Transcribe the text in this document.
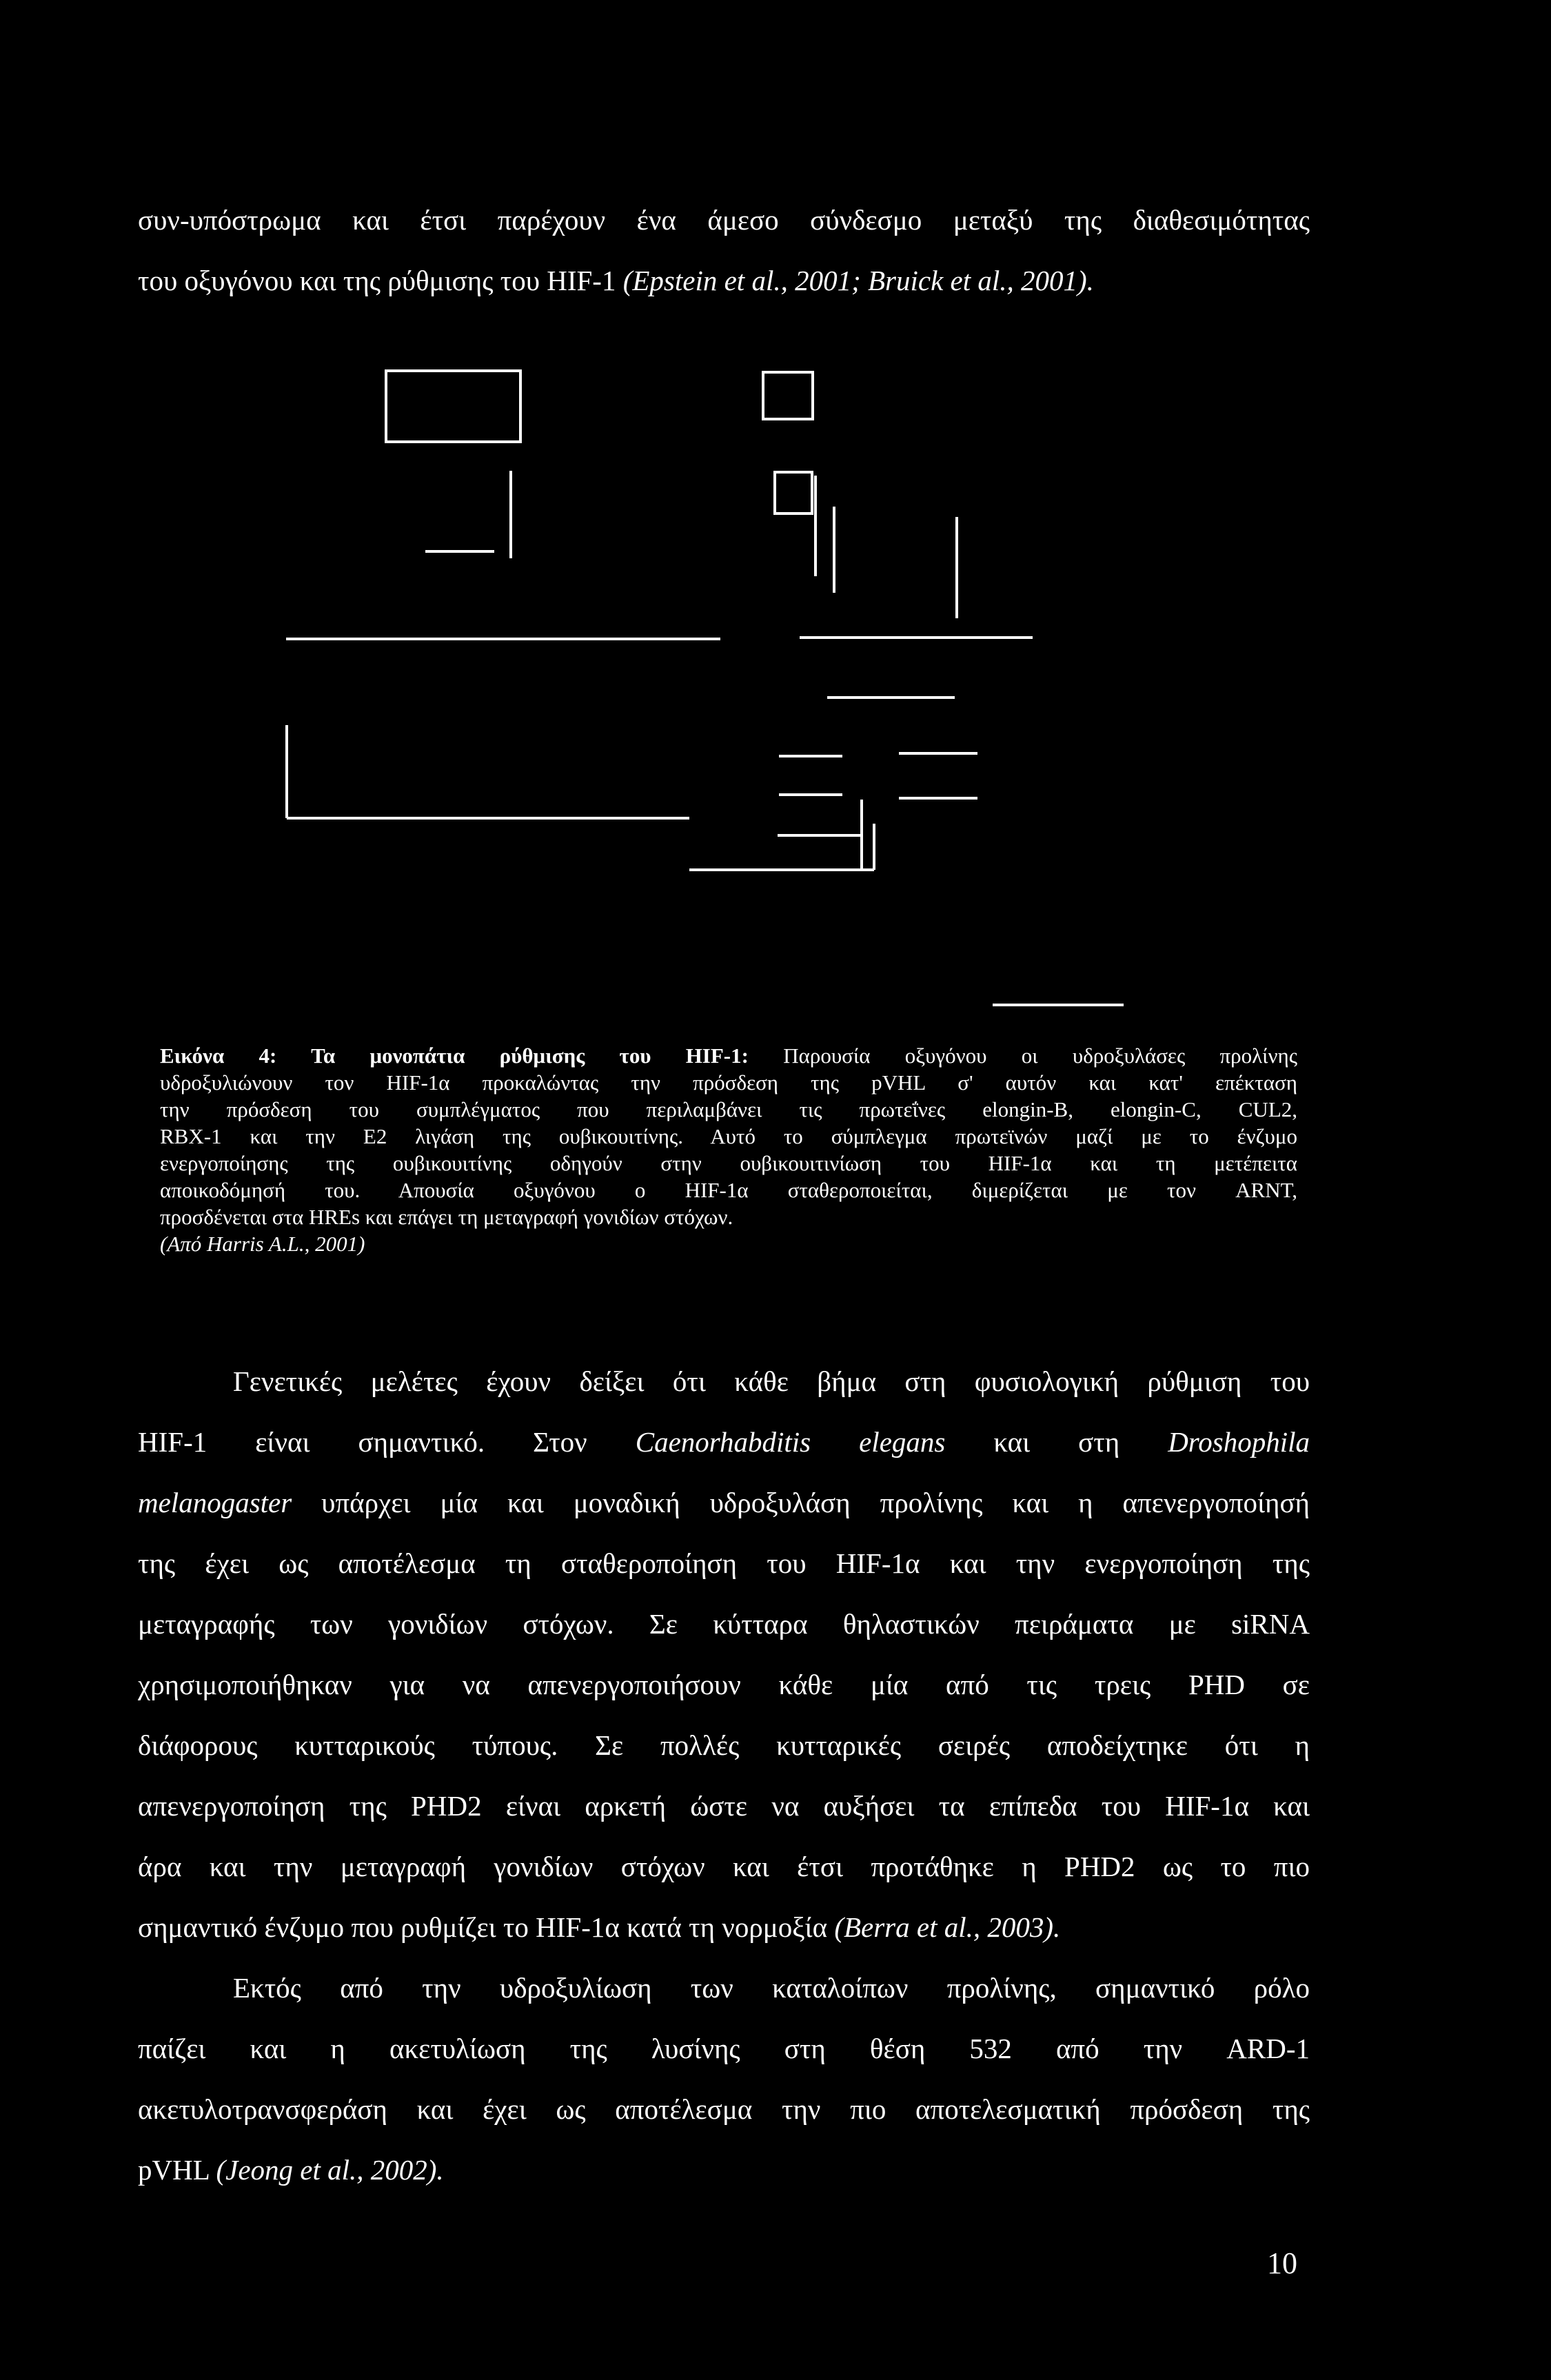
συν-υπόστρωμα και έτσι παρέχουν ένα άμεσο σύνδεσμο μεταξύ της διαθεσιμότητας
του οξυγόνου και της ρύθμισης του HIF-1 (Epstein et al., 2001; Bruick et al., 2001).
Εικόνα 4: Τα μονοπάτια ρύθμισης του HIF-1: Παρουσία οξυγόνου οι υδροξυλάσες προλίνης
υδροξυλιώνουν τον HIF-1α προκαλώντας την πρόσδεση της pVHL σ' αυτόν και κατ' επέκταση
την πρόσδεση του συμπλέγματος που περιλαμβάνει τις πρωτεΐνες elongin-B, elongin-C, CUL2,
RBX-1 και την E2 λιγάση της ουβικουιτίνης. Αυτό το σύμπλεγμα πρωτεϊνών μαζί με το ένζυμο
ενεργοποίησης της ουβικουιτίνης οδηγούν στην ουβικουιτινίωση του HIF-1α και τη μετέπειτα
αποικοδόμησή του. Απουσία οξυγόνου ο HIF-1α σταθεροποιείται, διμερίζεται με τον ARNT,
προσδένεται στα HREs και επάγει τη μεταγραφή γονιδίων στόχων.
(Από Harris A.L., 2001)
Γενετικές μελέτες έχουν δείξει ότι κάθε βήμα στη φυσιολογική ρύθμιση του
HIF-1 είναι σημαντικό. Στον Caenorhabditis elegans και στη Droshophila
melanogaster υπάρχει μία και μοναδική υδροξυλάση προλίνης και η απενεργοποίησή
της έχει ως αποτέλεσμα τη σταθεροποίηση του HIF-1α και την ενεργοποίηση της
μεταγραφής των γονιδίων στόχων. Σε κύτταρα θηλαστικών πειράματα με siRNA
χρησιμοποιήθηκαν για να απενεργοποιήσουν κάθε μία από τις τρεις PHD σε
διάφορους κυτταρικούς τύπους. Σε πολλές κυτταρικές σειρές αποδείχτηκε ότι η
απενεργοποίηση της PHD2 είναι αρκετή ώστε να αυξήσει τα επίπεδα του HIF-1α και
άρα και την μεταγραφή γονιδίων στόχων και έτσι προτάθηκε η PHD2 ως το πιο
σημαντικό ένζυμο που ρυθμίζει το HIF-1α κατά τη νορμοξία (Berra et al., 2003).
Εκτός από την υδροξυλίωση των καταλοίπων προλίνης, σημαντικό ρόλο
παίζει και η ακετυλίωση της λυσίνης στη θέση 532 από την ARD-1
ακετυλοτρανσφεράση και έχει ως αποτέλεσμα την πιο αποτελεσματική πρόσδεση της
pVHL (Jeong et al., 2002).
10
